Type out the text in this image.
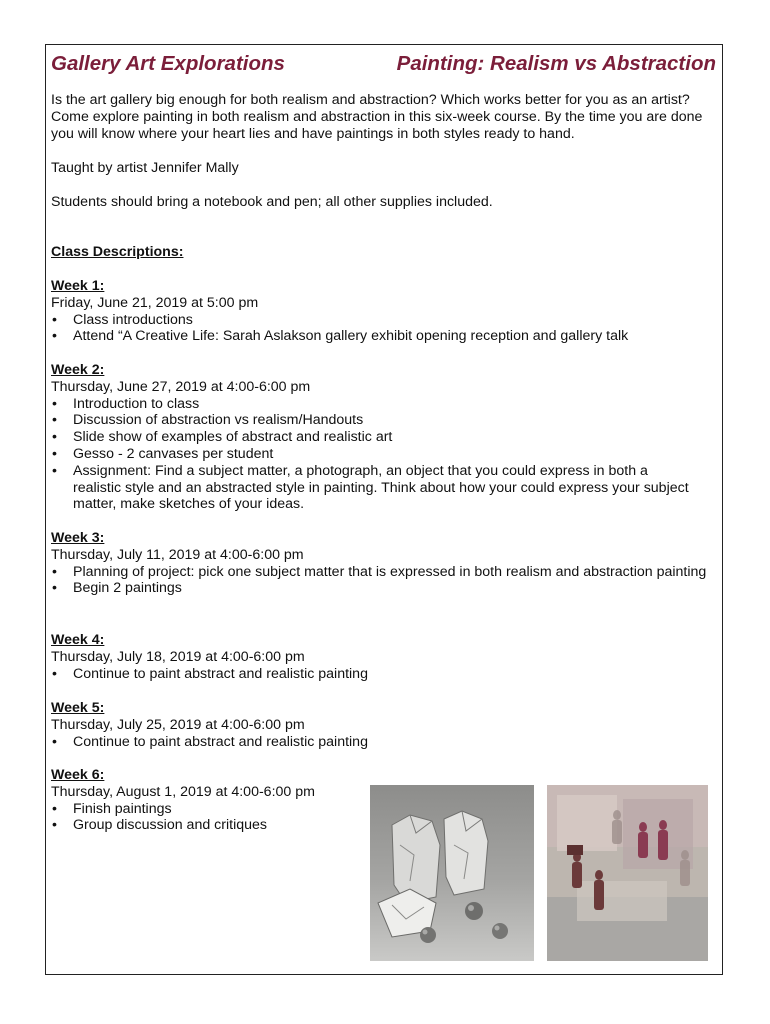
Gallery Art Explorations	Painting: Realism vs Abstraction
Is the art gallery big enough for both realism and abstraction? Which works better for you as an artist? Come explore painting in both realism and abstraction in this six-week course. By the time you are done you will know where your heart lies and have paintings in both styles ready to hand.
Taught by artist Jennifer Mally
Students should bring a notebook and pen; all other supplies included.
Class Descriptions:
Week 1:
Friday, June 21, 2019 at 5:00 pm
• Class introductions
• Attend “A Creative Life: Sarah Aslakson gallery exhibit opening reception and gallery talk
Week 2:
Thursday, June 27, 2019 at 4:00-6:00 pm
• Introduction to class
• Discussion of abstraction vs realism/Handouts
• Slide show of examples of abstract and realistic art
• Gesso - 2 canvases per student
• Assignment: Find a subject matter, a photograph, an object that you could express in both a realistic style and an abstracted style in painting. Think about how your could express your subject matter, make sketches of your ideas.
Week 3:
Thursday, July 11, 2019 at 4:00-6:00 pm
• Planning of project: pick one subject matter that is expressed in both realism and abstraction painting
• Begin 2 paintings
Week 4:
Thursday, July 18, 2019 at 4:00-6:00 pm
• Continue to paint abstract and realistic painting
Week 5:
Thursday, July 25, 2019 at 4:00-6:00 pm
• Continue to paint abstract and realistic painting
Week 6:
Thursday, August 1, 2019 at 4:00-6:00 pm
• Finish paintings
• Group discussion and critiques
